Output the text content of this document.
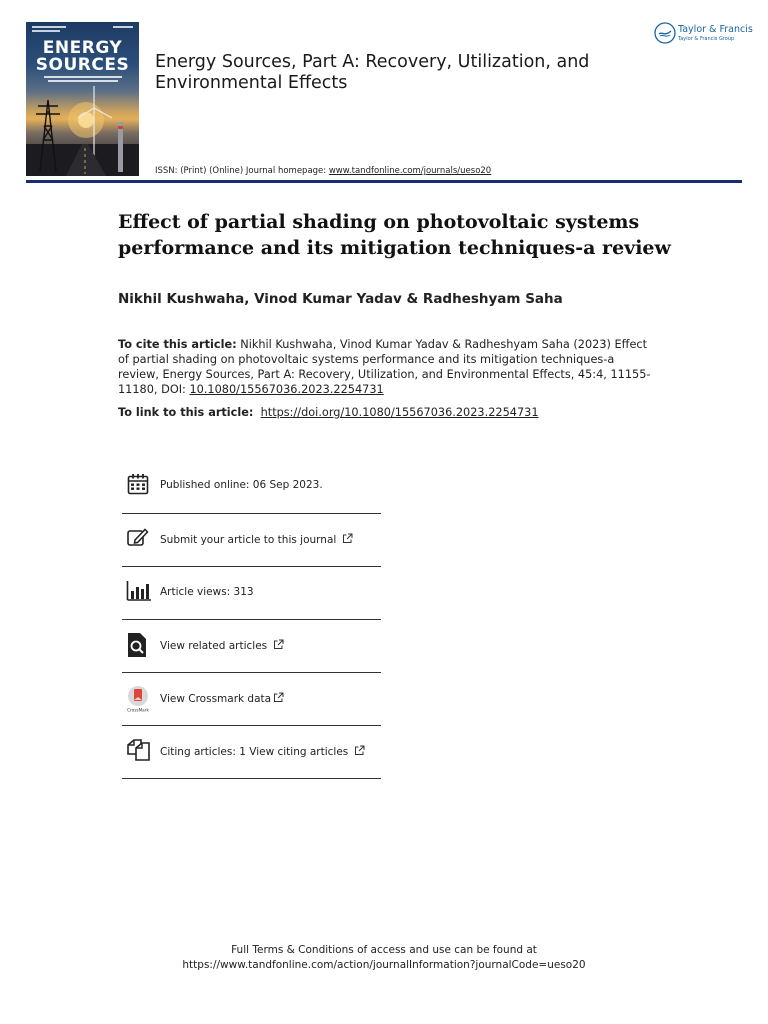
ENERGY
SOURCES	Energy Sources, Part A: Recovery, Utilization, and Environmental Effects
ISSN: (Print) (Online) Journal homepage: www.tandfonline.com/journals/ueso20
Taylor & Francis
Taylor & Francis Group
Effect of partial shading on photovoltaic systems performance and its mitigation techniques-a review
Nikhil Kushwaha, Vinod Kumar Yadav & Radheshyam Saha
To cite this article: Nikhil Kushwaha, Vinod Kumar Yadav & Radheshyam Saha (2023) Effect of partial shading on photovoltaic systems performance and its mitigation techniques-a review, Energy Sources, Part A: Recovery, Utilization, and Environmental Effects, 45:4, 11155-11180, DOI: 10.1080/15567036.2023.2254731
To link to this article: https://doi.org/10.1080/15567036.2023.2254731
Published online: 06 Sep 2023.
Submit your article to this journal
Article views: 313
View related articles
CrossMark
View Crossmark data
Citing articles: 1 View citing articles
Full Terms & Conditions of access and use can be found at
https://www.tandfonline.com/action/journalInformation?journalCode=ueso20
